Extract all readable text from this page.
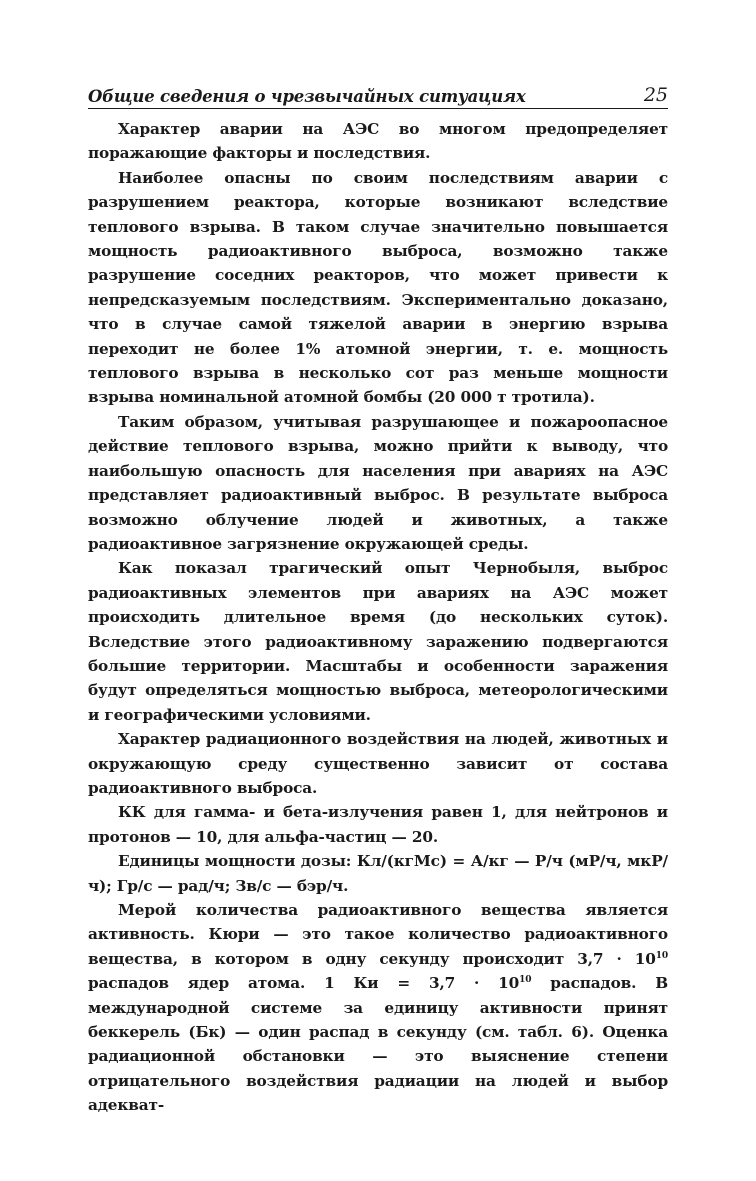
Общие сведения о чрезвычайных ситуациях	25

Характер аварии на АЭС во многом предопределяет поражающие факторы и последствия.

Наиболее опасны по своим последствиям аварии с разрушением реактора, которые возникают вследствие теплового взрыва. В таком случае значительно повышается мощность радиоактивного выброса, возможно также разрушение соседних реакторов, что может привести к непредсказуемым последствиям. Экспериментально доказано, что в случае самой тяжелой аварии в энергию взрыва переходит не более 1% атомной энергии, т. е. мощность теплового взрыва в несколько сот раз меньше мощности взрыва номинальной атомной бомбы (20 000 т тротила).

Таким образом, учитывая разрушающее и пожароопасное действие теплового взрыва, можно прийти к выводу, что наибольшую опасность для населения при авариях на АЭС представляет радиоактивный выброс. В результате выброса возможно облучение людей и животных, а также радиоактивное загрязнение окружающей среды.

Как показал трагический опыт Чернобыля, выброс радиоактивных элементов при авариях на АЭС может происходить длительное время (до нескольких суток). Вследствие этого радиоактивному заражению подвергаются большие территории. Масштабы и особенности заражения будут определяться мощностью выброса, метеорологическими и географическими условиями.

Характер радиационного воздействия на людей, животных и окружающую среду существенно зависит от состава радиоактивного выброса.

КК для гамма- и бета-излучения равен 1, для нейтронов и протонов — 10, для альфа-частиц — 20.

Единицы мощности дозы: Кл/(кгМс) = А/кг — Р/ч (мР/ч, мкР/ч); Гр/с — рад/ч; Зв/с — бэр/ч.

Мерой количества радиоактивного вещества является активность. Кюри — это такое количество радиоактивного вещества, в котором в одну секунду происходит $3,7 \cdot 10^{10}$ распадов ядер атома. 1 Ки = $3,7 \cdot 10^{10}$ распадов. В международной системе за единицу активности принят беккерель (Бк) — один распад в секунду (см. табл. 6). Оценка радиационной обстановки — это выяснение степени отрицательного воздействия радиации на людей и выбор адекват-
